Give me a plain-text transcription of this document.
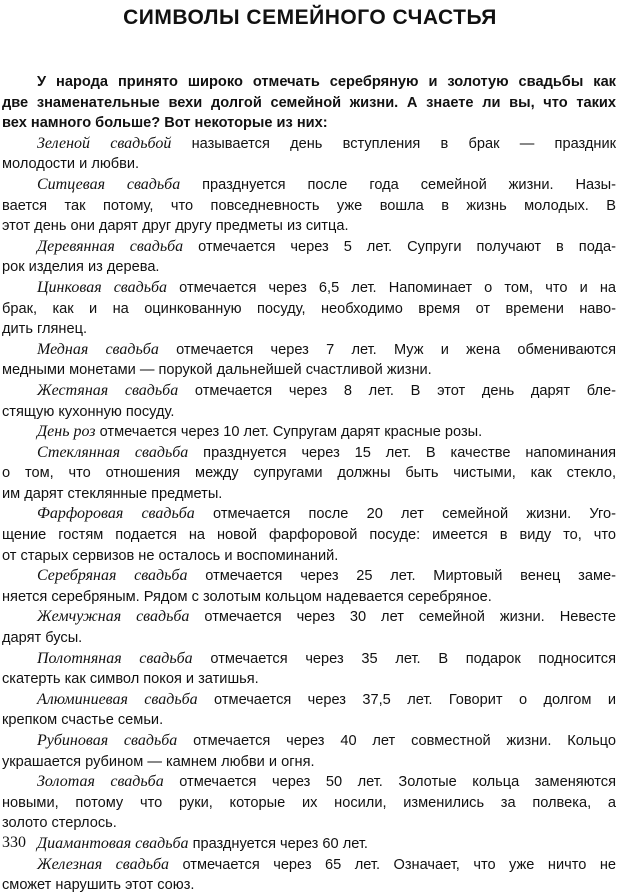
СИМВОЛЫ СЕМЕЙНОГО СЧАСТЬЯ
У народа принято широко отмечать серебряную и золотую свадьбы как
две знаменательные вехи долгой семейной жизни. А знаете ли вы, что таких
вех намного больше? Вот некоторые из них:
Зеленой свадьбой называется день вступления в брак — праздник
молодости и любви.
Ситцевая свадьба празднуется после года семейной жизни. Назы-
вается так потому, что повседневность уже вошла в жизнь молодых. В
этот день они дарят друг другу предметы из ситца.
Деревянная свадьба отмечается через 5 лет. Супруги получают в пода-
рок изделия из дерева.
Цинковая свадьба отмечается через 6,5 лет. Напоминает о том, что и на
брак, как и на оцинкованную посуду, необходимо время от времени наво-
дить глянец.
Медная свадьба отмечается через 7 лет. Муж и жена обмениваются
медными монетами — порукой дальнейшей счастливой жизни.
Жестяная свадьба отмечается через 8 лет. В этот день дарят бле-
стящую кухонную посуду.
День роз отмечается через 10 лет. Супругам дарят красные розы.
Стеклянная свадьба празднуется через 15 лет. В качестве напоминания
о том, что отношения между супругами должны быть чистыми, как стекло,
им дарят стеклянные предметы.
Фарфоровая свадьба отмечается после 20 лет семейной жизни. Уго-
щение гостям подается на новой фарфоровой посуде: имеется в виду то, что
от старых сервизов не осталось и воспоминаний.
Серебряная свадьба отмечается через 25 лет. Миртовый венец заме-
няется серебряным. Рядом с золотым кольцом надевается серебряное.
Жемчужная свадьба отмечается через 30 лет семейной жизни. Невесте
дарят бусы.
Полотняная свадьба отмечается через 35 лет. В подарок подносится
скатерть как символ покоя и затишья.
Алюминиевая свадьба отмечается через 37,5 лет. Говорит о долгом и
крепком счастье семьи.
Рубиновая свадьба отмечается через 40 лет совместной жизни. Кольцо
украшается рубином — камнем любви и огня.
Золотая свадьба отмечается через 50 лет. Золотые кольца заменяются
новыми, потому что руки, которые их носили, изменились за полвека, а
золото стерлось.
Диамантовая свадьба празднуется через 60 лет.
Железная свадьба отмечается через 65 лет. Означает, что уже ничто не
сможет нарушить этот союз.
330
